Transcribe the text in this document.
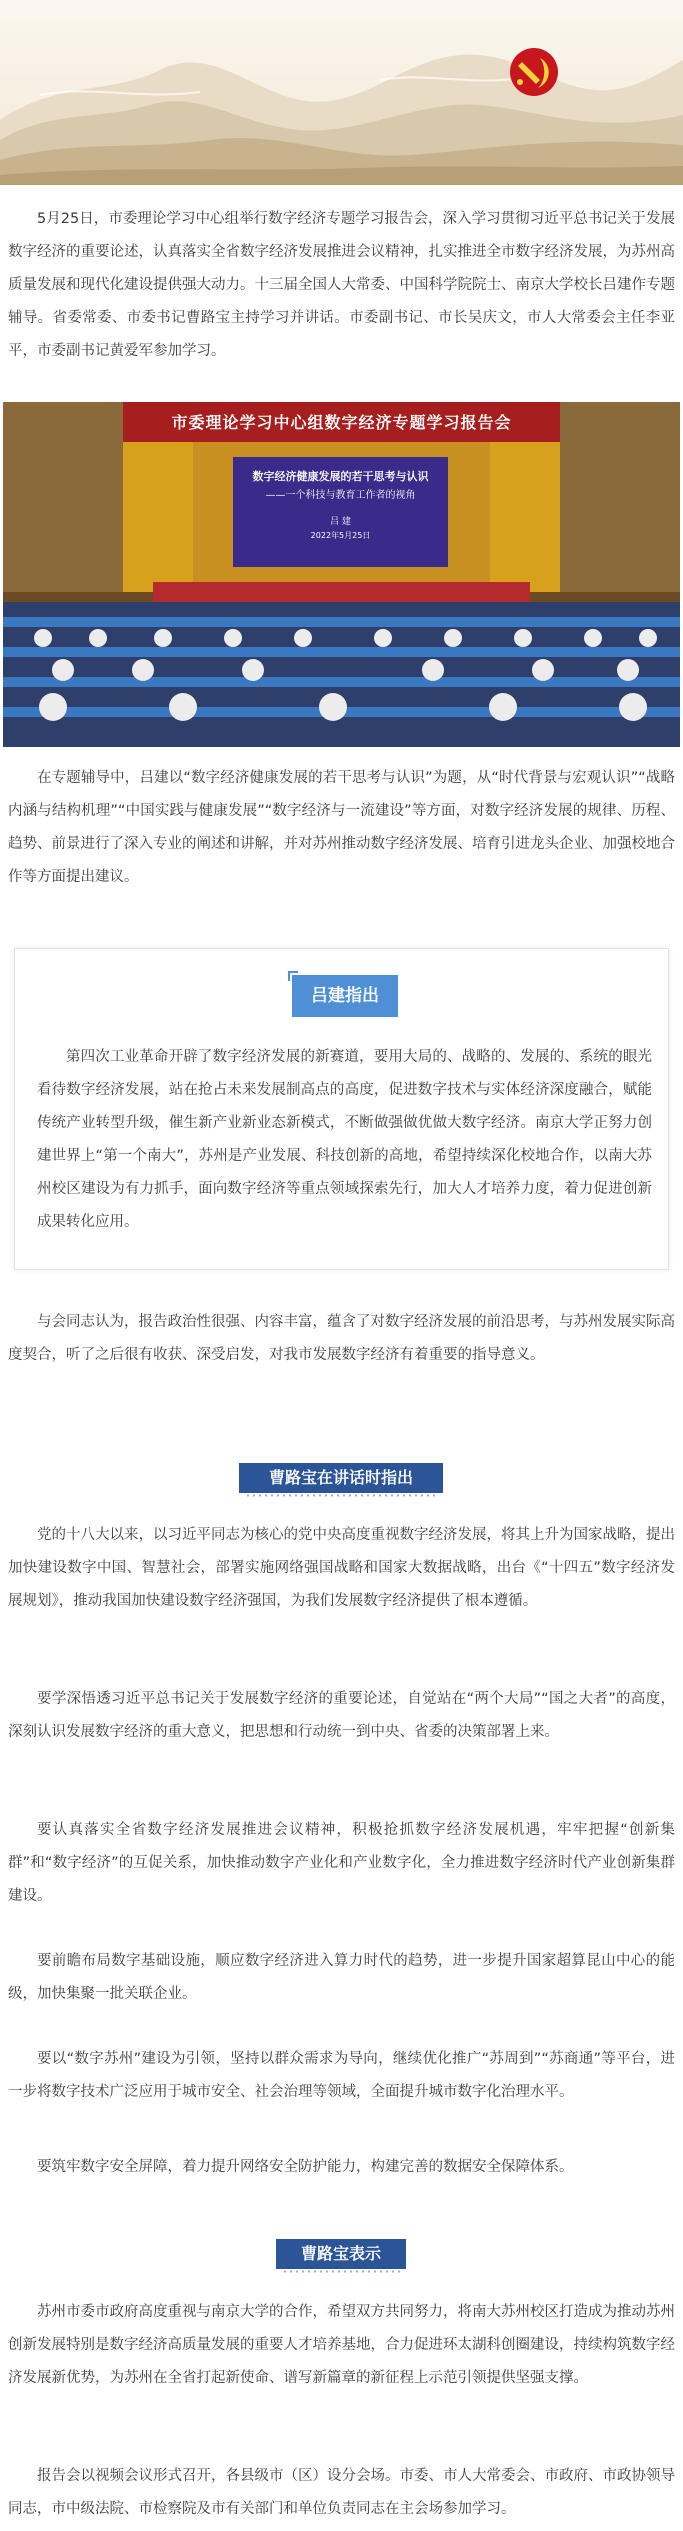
5月25日，市委理论学习中心组举行数字经济专题学习报告会，深入学习贯彻习近平总书记关于发展数字经济的重要论述，认真落实全省数字经济发展推进会议精神，扎实推进全市数字经济发展，为苏州高质量发展和现代化建设提供强大动力。十三届全国人大常委、中国科学院院士、南京大学校长吕建作专题辅导。省委常委、市委书记曹路宝主持学习并讲话。市委副书记、市长吴庆文，市人大常委会主任李亚平，市委副书记黄爱军参加学习。

市委理论学习中心组数字经济专题学习报告会
数字经济健康发展的若干思考与认识
——一个科技与教育工作者的视角
吕 建
2022年5月25日

在专题辅导中，吕建以“数字经济健康发展的若干思考与认识”为题，从“时代背景与宏观认识”“战略内涵与结构机理”“中国实践与健康发展”“数字经济与一流建设”等方面，对数字经济发展的规律、历程、趋势、前景进行了深入专业的阐述和讲解，并对苏州推动数字经济发展、培育引进龙头企业、加强校地合作等方面提出建议。

吕建指出

第四次工业革命开辟了数字经济发展的新赛道，要用大局的、战略的、发展的、系统的眼光看待数字经济发展，站在抢占未来发展制高点的高度，促进数字技术与实体经济深度融合，赋能传统产业转型升级，催生新产业新业态新模式，不断做强做优做大数字经济。南京大学正努力创建世界上“第一个南大”，苏州是产业发展、科技创新的高地，希望持续深化校地合作，以南大苏州校区建设为有力抓手，面向数字经济等重点领域探索先行，加大人才培养力度，着力促进创新成果转化应用。

与会同志认为，报告政治性很强、内容丰富，蕴含了对数字经济发展的前沿思考，与苏州发展实际高度契合，听了之后很有收获、深受启发，对我市发展数字经济有着重要的指导意义。

曹路宝在讲话时指出

党的十八大以来，以习近平同志为核心的党中央高度重视数字经济发展，将其上升为国家战略，提出加快建设数字中国、智慧社会，部署实施网络强国战略和国家大数据战略，出台《“十四五”数字经济发展规划》，推动我国加快建设数字经济强国，为我们发展数字经济提供了根本遵循。

要学深悟透习近平总书记关于发展数字经济的重要论述，自觉站在“两个大局”“国之大者”的高度，深刻认识发展数字经济的重大意义，把思想和行动统一到中央、省委的决策部署上来。

要认真落实全省数字经济发展推进会议精神，积极抢抓数字经济发展机遇，牢牢把握“创新集群”和“数字经济”的互促关系，加快推动数字产业化和产业数字化，全力推进数字经济时代产业创新集群建设。

要前瞻布局数字基础设施，顺应数字经济进入算力时代的趋势，进一步提升国家超算昆山中心的能级，加快集聚一批关联企业。

要以“数字苏州”建设为引领，坚持以群众需求为导向，继续优化推广“苏周到”“苏商通”等平台，进一步将数字技术广泛应用于城市安全、社会治理等领域，全面提升城市数字化治理水平。

要筑牢数字安全屏障，着力提升网络安全防护能力，构建完善的数据安全保障体系。

曹路宝表示

苏州市委市政府高度重视与南京大学的合作，希望双方共同努力，将南大苏州校区打造成为推动苏州创新发展特别是数字经济高质量发展的重要人才培养基地，合力促进环太湖科创圈建设，持续构筑数字经济发展新优势，为苏州在全省打起新使命、谱写新篇章的新征程上示范引领提供坚强支撑。

报告会以视频会议形式召开，各县级市（区）设分会场。市委、市人大常委会、市政府、市政协领导同志，市中级法院、市检察院及市有关部门和单位负责同志在主会场参加学习。
